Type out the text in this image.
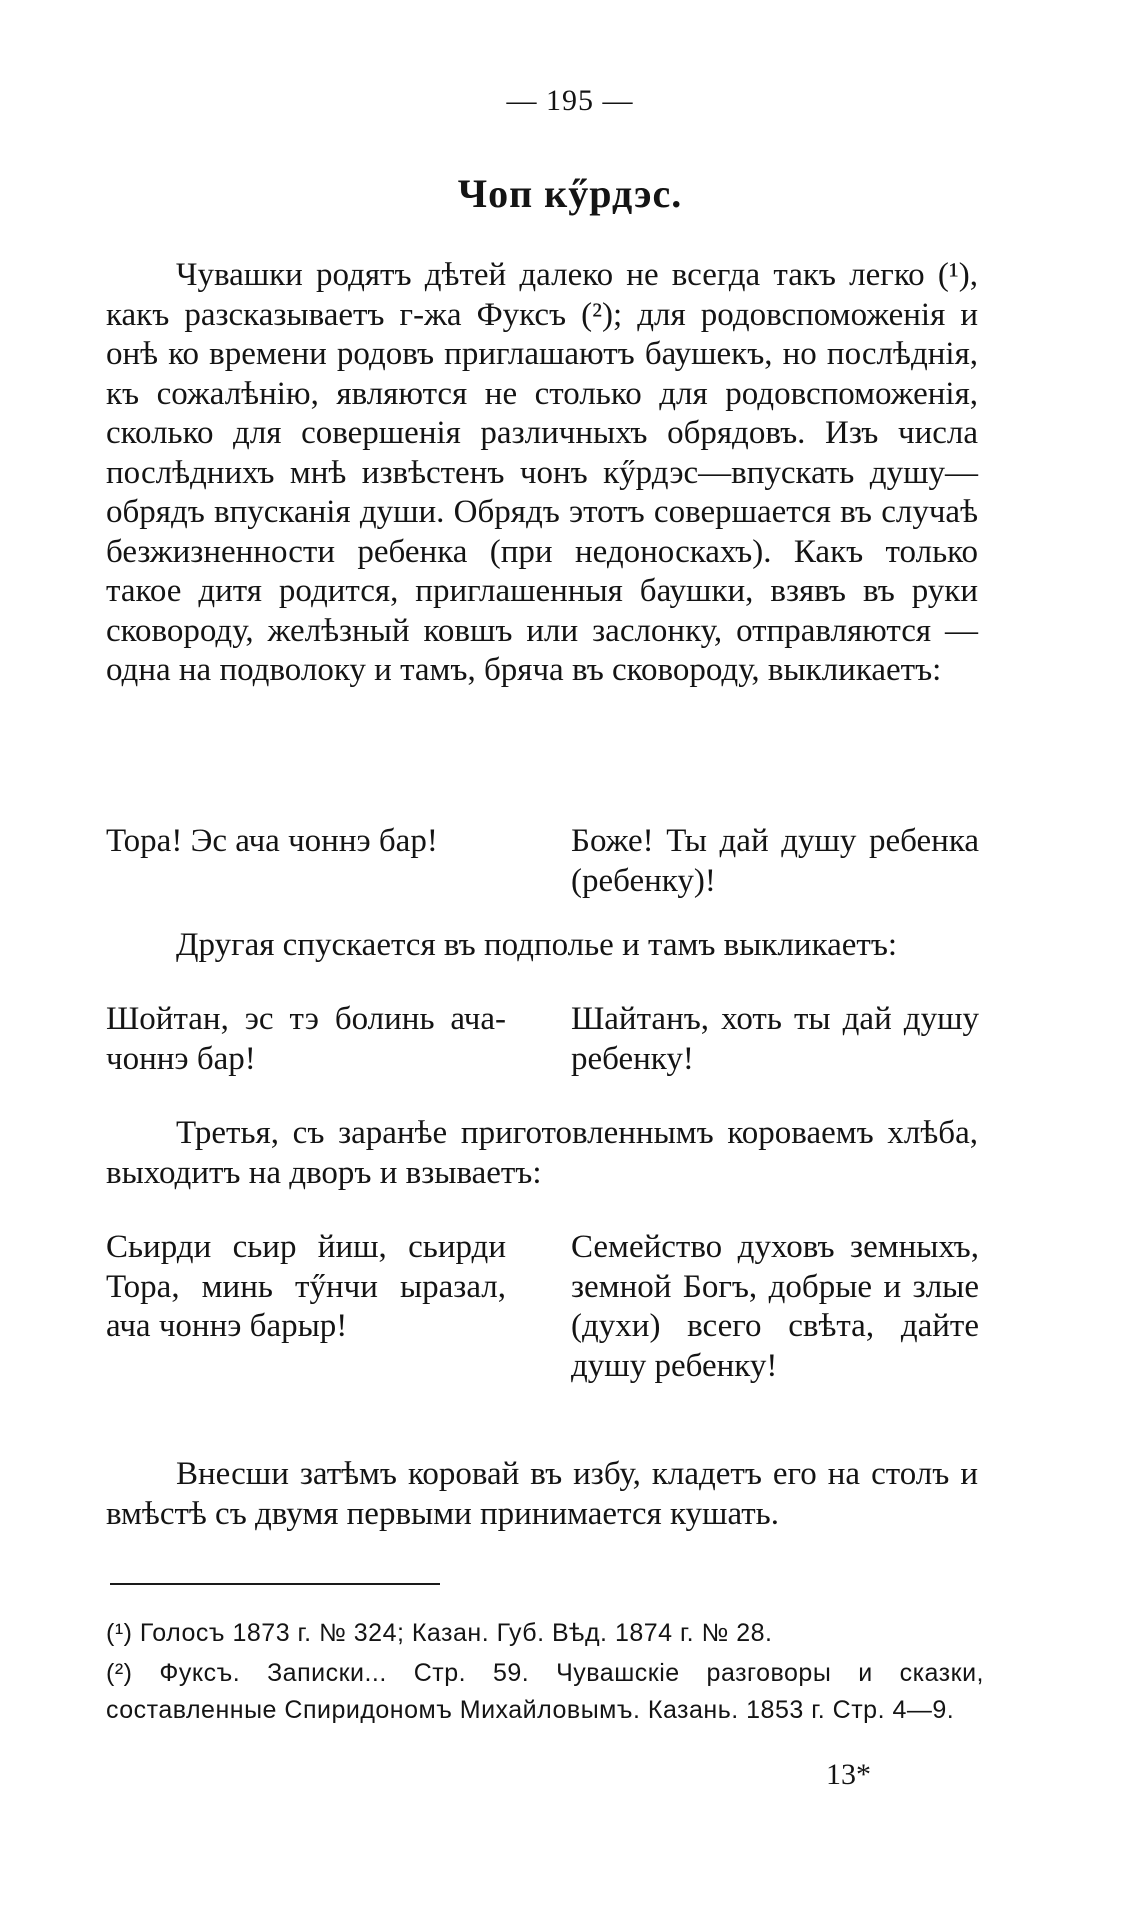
— 195 —
Чоп кӳрдэс.

Чувашки родятъ дѣтей далеко не всегда такъ легко (¹), какъ разсказываетъ г-жа Фуксъ (²); для родовспоможенія и онѣ ко времени родовъ приглашаютъ баушекъ, но послѣднія, къ сожалѣнію, являются не столько для родовспоможенія, сколько для совершенія различныхъ обрядовъ. Изъ числа послѣднихъ мнѣ извѣстенъ чонъ кӳрдэс—впускать душу—обрядъ впусканія души. Обрядъ этотъ совершается въ случаѣ безжизненности ребенка (при недоноскахъ). Какъ только такое дитя родится, приглашенныя баушки, взявъ въ руки сковороду, желѣзный ковшъ или заслонку, отправляются — одна на подволоку и тамъ, бряча въ сковороду, выкликаетъ:

Тора! Эс ача чоннэ бар!	Боже! Ты дай душу ребенка (ребенку)!

Другая спускается въ подполье и тамъ выкликаетъ:

Шойтан, эс тэ болинь ача-чоннэ бар!

Шайтанъ, хоть ты дай душу ребенку!

Третья, съ заранѣе приготовленнымъ короваемъ хлѣба, выходитъ на дворъ и взываетъ:

Сьирди сьир йиш, сьирди Тора, минь тӳнчи ыразал, ача чоннэ барыр!

Семейство духовъ земныхъ, земной Богъ, добрые и злые (духи) всего свѣта, дайте душу ребенку!

Внесши затѣмъ коровай въ избу, кладетъ его на столъ и вмѣстѣ съ двумя первыми принимается кушать.

(¹) Голосъ 1873 г. № 324; Казан. Губ. Вѣд. 1874 г. № 28.

(²) Фуксъ. Записки... Стр. 59. Чувашскіе разговоры и сказки, составленные Спиридономъ Михайловымъ. Казань. 1853 г. Стр. 4—9.

13*
